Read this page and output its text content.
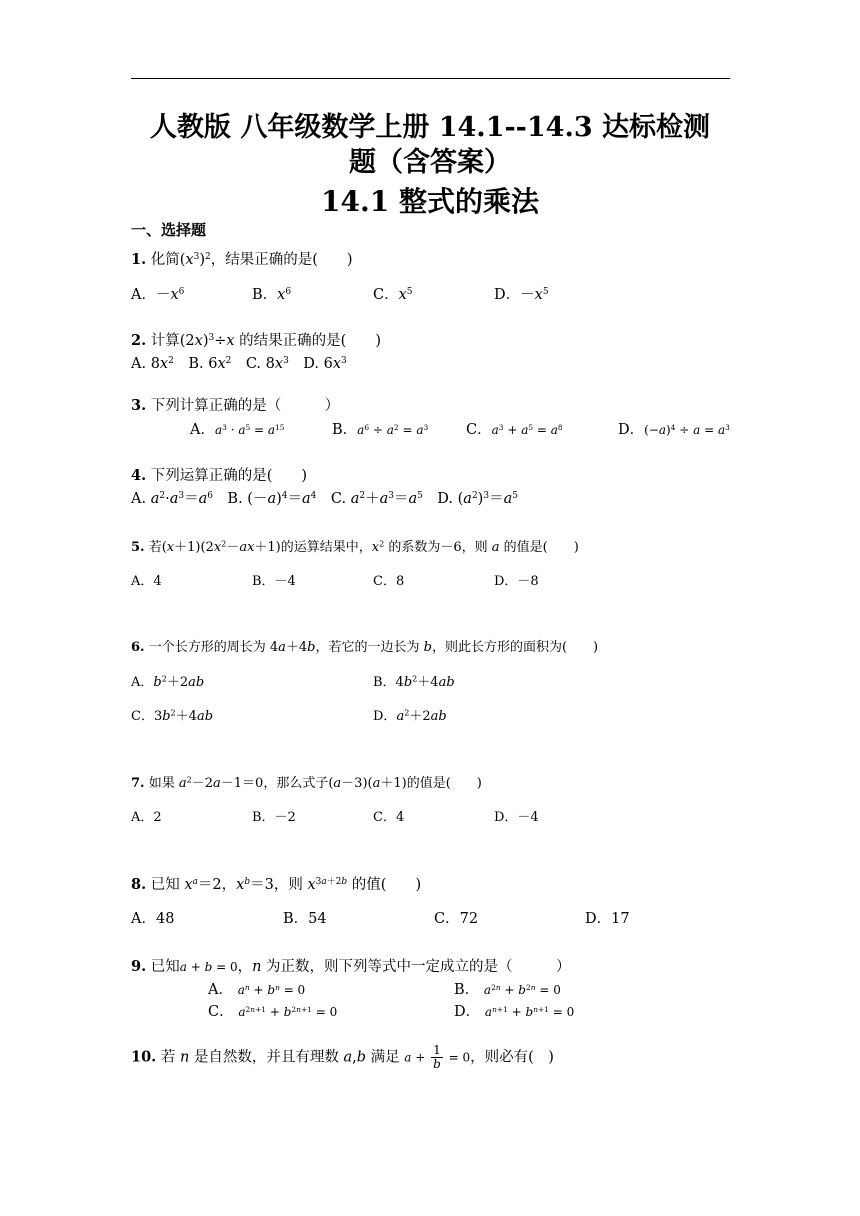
人教版 八年级数学上册 14.1--14.3 达标检测
题（含答案）
14.1 整式的乘法
一、选择题
1. 化简$(x^3)^2$，结果正确的是(　　)
A．$-x^6$	B．$x^6$	C．$x^5$	D．$-x^5$
2. 计算$(2x)^3\div x$ 的结果正确的是(　　)
A. $8x^2$　B. $6x^2$　C. $8x^3$　D. $6x^3$
3. 下列计算正确的是（　　　）
A．$a^3 \cdot a^5 = a^{15}$	B．$a^6 \div a^2 = a^3$	C．$a^3 + a^5 = a^8$	D．$(-a)^4 \div a = a^3$
4. 下列运算正确的是(　　)
A. $a^2\cdot a^3=a^6$　B. $(-a)^4=a^4$　C. $a^2+a^3=a^5$　D. $(a^2)^3=a^5$
5. 若$(x+1)(2x^2-ax+1)$的运算结果中，$x^2$ 的系数为－6，则 a 的值是(　　)
A．4	B．－4	C．8	D．－8
6. 一个长方形的周长为 4a＋4b，若它的一边长为 b，则此长方形的面积为(　　)
A．$b^2+2ab$	B．$4b^2+4ab$
C．$3b^2+4ab$	D．$a^2+2ab$
7. 如果 $a^2-2a-1=0$，那么式子(a－3)(a＋1)的值是(　　)
A．2	B．－2	C．4	D．－4
8. 已知 $x^a=2$，$x^b=3$，则 $x^{3a+2b}$ 的值(　　)
A．48	B．54	C．72	D．17
9. 已知a + b = 0，n 为正数，则下列等式中一定成立的是（　　　）
A．　 $a^n + b^n = 0$	B．　 $a^{2n} + b^{2n} = 0$
C．　 $a^{2n+1} + b^{2n+1} = 0$	D．　 $a^{n+1} + b^{n+1} = 0$
10. 若 n 是自然数，并且有理数 a,b 满足 $a + \frac{1}{b} = 0$，则必有(　)
